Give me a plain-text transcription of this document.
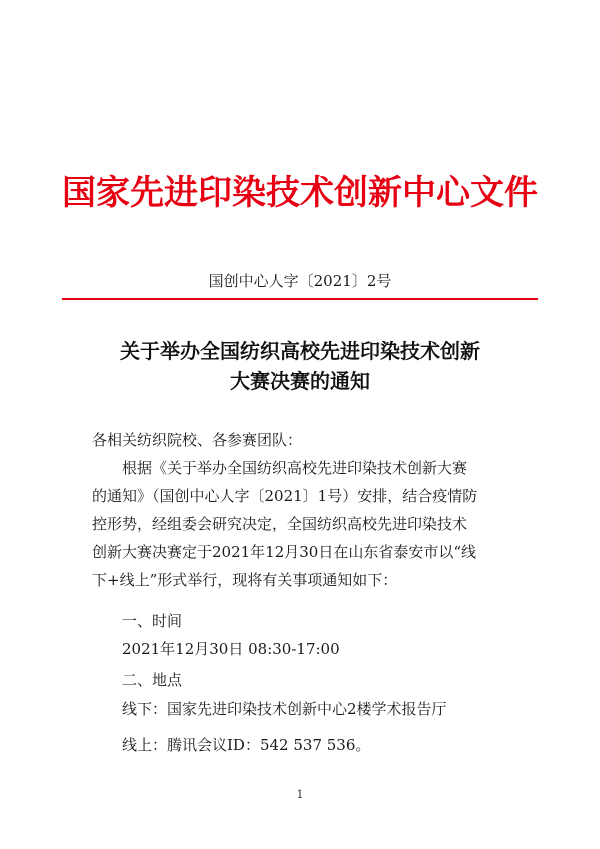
国家先进印染技术创新中心文件
国创中心人字〔2021〕2号
关于举办全国纺织高校先进印染技术创新
大赛决赛的通知
各相关纺织院校、各参赛团队：
根据《关于举办全国纺织高校先进印染技术创新大赛
的通知》（国创中心人字〔2021〕1号）安排，结合疫情防
控形势，经组委会研究决定，全国纺织高校先进印染技术
创新大赛决赛定于2021年12月30日在山东省泰安市以“线
下+线上”形式举行，现将有关事项通知如下：
一、时间
2021年12月30日 08:30-17:00
二、地点
线下：国家先进印染技术创新中心2楼学术报告厅
线上：腾讯会议ID：542 537 536。
1
